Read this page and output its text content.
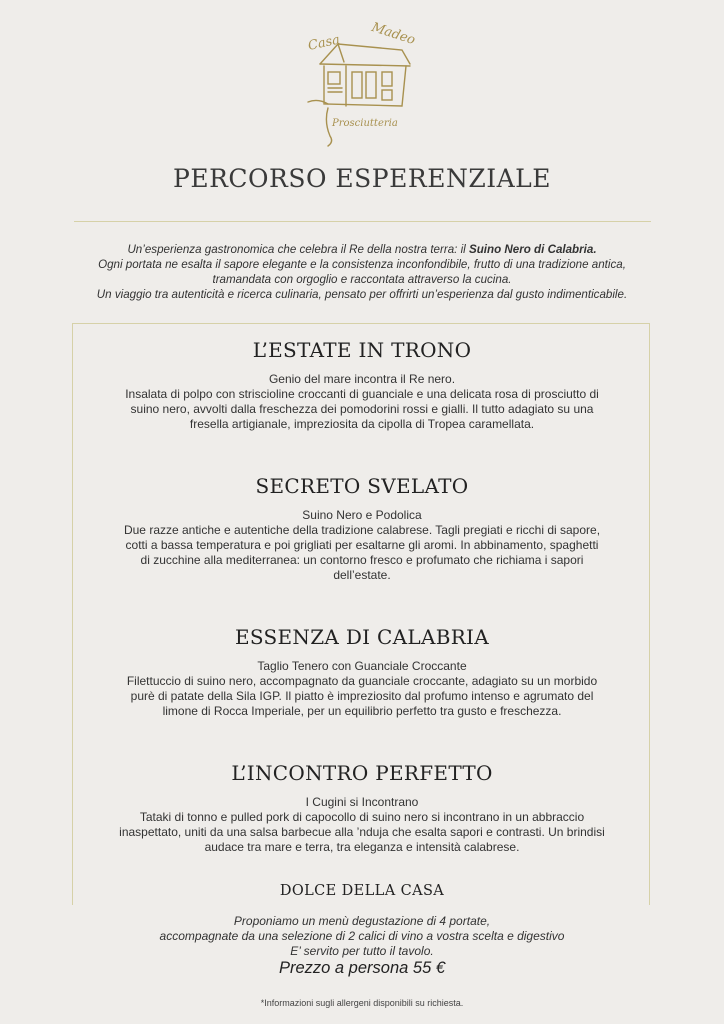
Casa Madeo
Prosciutteria
PERCORSO ESPERENZIALE
Un’esperienza gastronomica che celebra il Re della nostra terra: il Suino Nero di Calabria.
Ogni portata ne esalta il sapore elegante e la consistenza inconfondibile, frutto di una tradizione antica,
tramandata con orgoglio e raccontata attraverso la cucina.
Un viaggio tra autenticità e ricerca culinaria, pensato per offrirti un’esperienza dal gusto indimenticabile.
L’ESTATE IN TRONO
Genio del mare incontra il Re nero.
Insalata di polpo con striscioline croccanti di guanciale e una delicata rosa di prosciutto di
suino nero, avvolti dalla freschezza dei pomodorini rossi e gialli. Il tutto adagiato su una
fresella artigianale, impreziosita da cipolla di Tropea caramellata.
SECRETO SVELATO
Suino Nero e Podolica
Due razze antiche e autentiche della tradizione calabrese. Tagli pregiati e ricchi di sapore,
cotti a bassa temperatura e poi grigliati per esaltarne gli aromi. In abbinamento, spaghetti
di zucchine alla mediterranea: un contorno fresco e profumato che richiama i sapori
dell’estate.
ESSENZA DI CALABRIA
Taglio Tenero con Guanciale Croccante
Filettuccio di suino nero, accompagnato da guanciale croccante, adagiato su un morbido
purè di patate della Sila IGP. Il piatto è impreziosito dal profumo intenso e agrumato del
limone di Rocca Imperiale, per un equilibrio perfetto tra gusto e freschezza.
L’INCONTRO PERFETTO
I Cugini si Incontrano
Tataki di tonno e pulled pork di capocollo di suino nero si incontrano in un abbraccio
inaspettato, uniti da una salsa barbecue alla ’nduja che esalta sapori e contrasti. Un brindisi
audace tra mare e terra, tra eleganza e intensità calabrese.
DOLCE DELLA CASA
Proponiamo un menù degustazione di 4 portate,
accompagnate da una selezione di 2 calici di vino a vostra scelta e digestivo
E’ servito per tutto il tavolo.
Prezzo a persona 55 €
*Informazioni sugli allergeni disponibili su richiesta.
